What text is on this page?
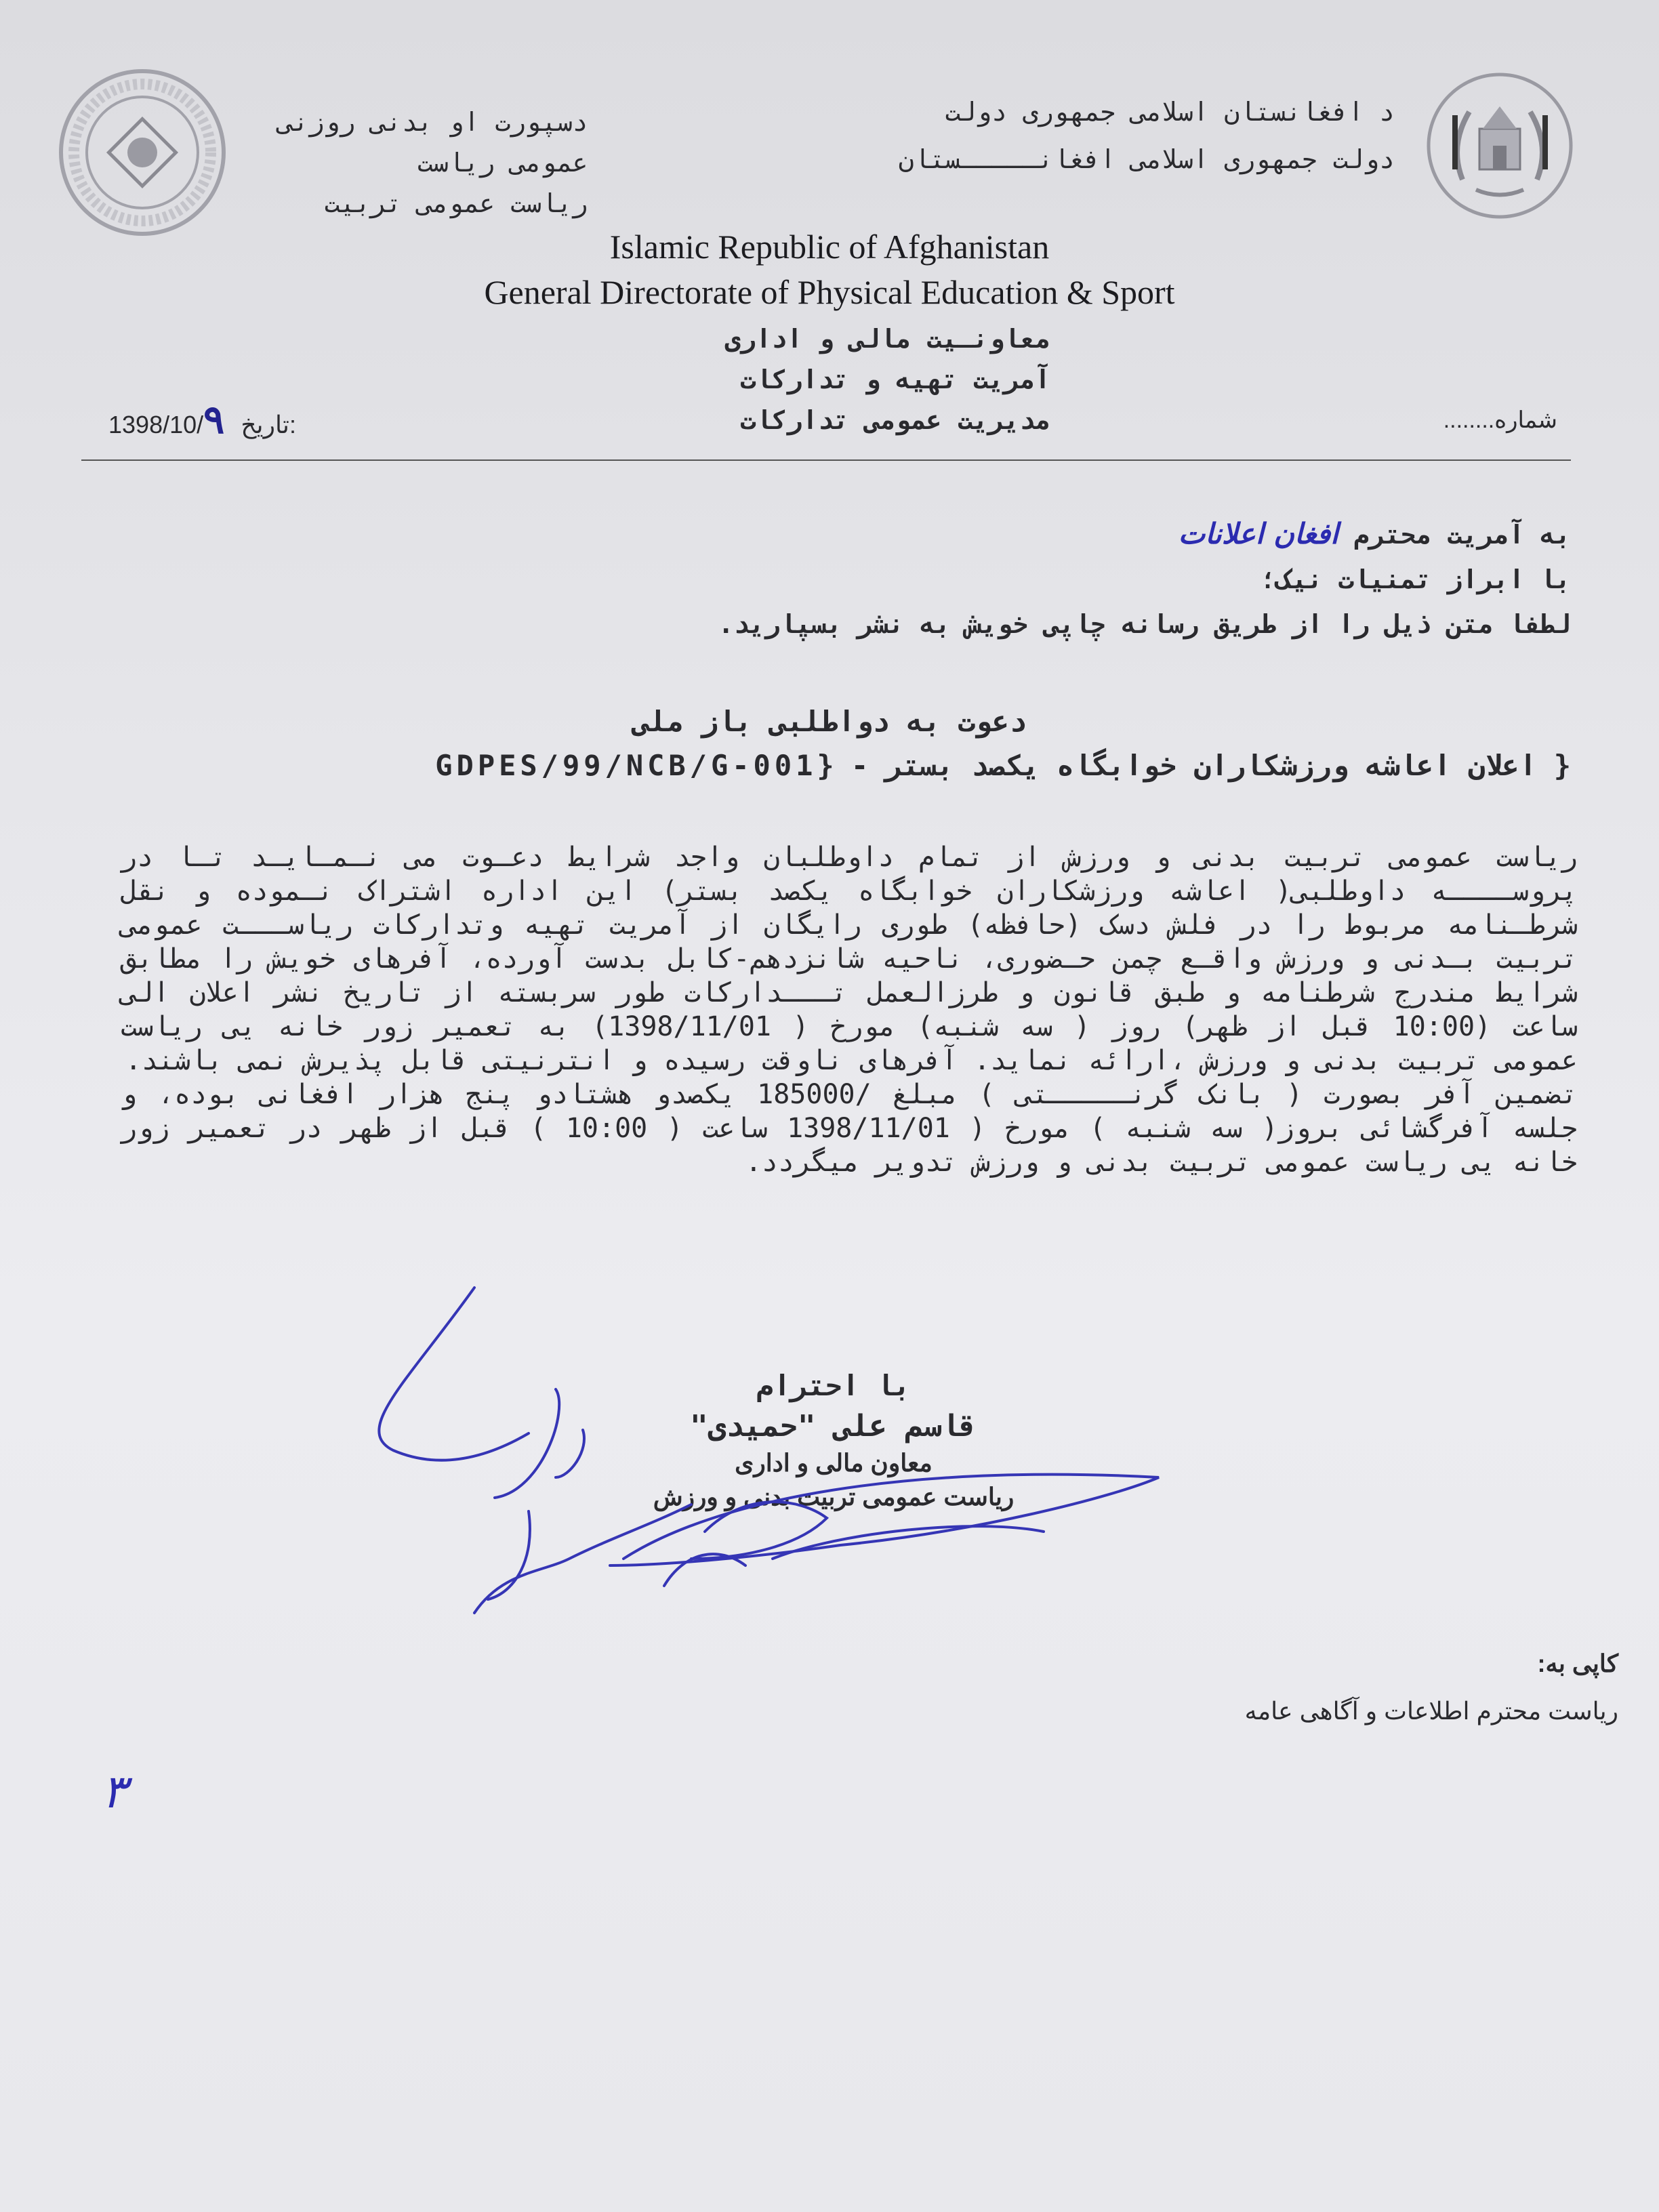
د افغانستان اسلامی جمهوری دولت
دولت جمهوری اسلامی افغانـــــستان
دسپورت او بدنی روزنی
عمومی ریاست
ریاست عمومی تربیت
Islamic Republic of Afghanistan
General Directorate of Physical Education & Sport
معاونـیت مالی و اداری
آمریت تهیه و تدارکات
مدیریت عمومی تدارکات	شماره........
1398/10/۹ تاریخ:
به آمریت محترم افغان اعلانات
با ابراز تمنیات نیک؛
لطفا متن ذیل را از طریق رسانه چاپی خویش به نشر بسپارید.
دعوت به دواطلبی باز ملی
{ اعلان اعاشه ورزشکاران خوابگاه یکصد بستر - {GDPES/99/NCB/G-001

ریاست عمومی تربیت بدنی و ورزش از تمام داوطلبان واجد شرایط دعـوت می نـمـایـد تـا در پروســــه داوطلبی( اعاشه ورزشکاران خوابگاه یکصد بستر) این اداره اشتراک نـموده و نقل شرطـنامه مربوط را در فلش دسک (حافظه) طوری رایگان از آمریت تهیه وتدارکات ریاســـت عمومی تربیت بـدنی و ورزش واقـع چمن حـضوری، ناحیه شانزدهم-کابل بدست آورده، آفرهای خویش را مطابق شرایط مندرج شرطنامه و طبق قانون و طرزالعمل تـــدارکات طور سربسته از تاریخ نشر اعلان الی ساعت (10:00 قبل از ظهر) روز ( سه شنبه) مورخ ( 1398/11/01) به تعمیر زور خانه یی ریاست عمومی تربیت بدنی و ورزش ،ارائه نماید. آفرهای ناوقت رسیده و انترنیتی قابل پذیرش نمی باشند.

تضمین آفر بصورت ( بانک گرنـــــتی ) مبلغ /185000 یکصدو هشتادو پنج هزار افغانی بوده، و جلسه آفرگشائی بروز( سه شنبه ) مورخ ( 1398/11/01 ساعت ( 10:00 ) قبل از ظهر در تعمیر زور خانه یی ریاست عمومی تربیت بدنی و ورزش تدویر میگردد.

با احترام
قاسم علی "حمیدی"
معاون مالی و اداری
ریاست عمومی تربیت بدنی و ورزش
کاپی به:
ریاست محترم اطلاعات و آگاهی عامه
۳
